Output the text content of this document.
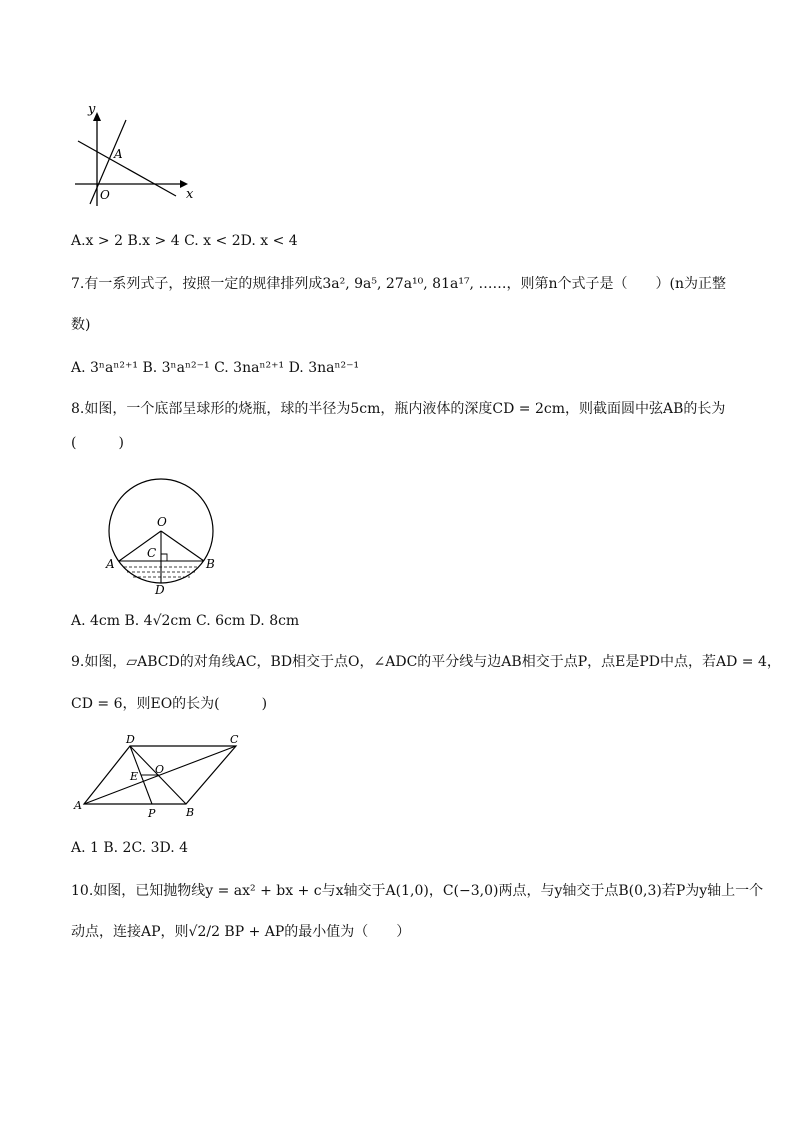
y
x
A
O
A.x > 2 B.x > 4 C. x < 2D. x < 4
7.有一系列式子，按照一定的规律排列成3a², 9a⁵, 27a¹⁰, 81a¹⁷, ……，则第n个式子是（　　）(n为正整
数)
A. 3ⁿaⁿ²⁺¹ B. 3ⁿaⁿ²⁻¹ C. 3naⁿ²⁺¹ D. 3naⁿ²⁻¹
8.如图，一个底部呈球形的烧瓶，球的半径为5cm，瓶内液体的深度CD = 2cm，则截面圆中弦AB的长为
(　　　)
O
C
A	B
D
A. 4cm B. 4√2cm C. 6cm D. 8cm
9.如图，▱ABCD的对角线AC，BD相交于点O，∠ADC的平分线与边AB相交于点P，点E是PD中点，若AD = 4，
CD = 6，则EO的长为(　　　)
D	C
E
O
A
P	B
A. 1 B. 2C. 3D. 4
10.如图，已知抛物线y = ax² + bx + c与x轴交于A(1,0)，C(−3,0)两点，与y轴交于点B(0,3)若P为y轴上一个
动点，连接AP，则√2/2 BP + AP的最小值为（　　）
